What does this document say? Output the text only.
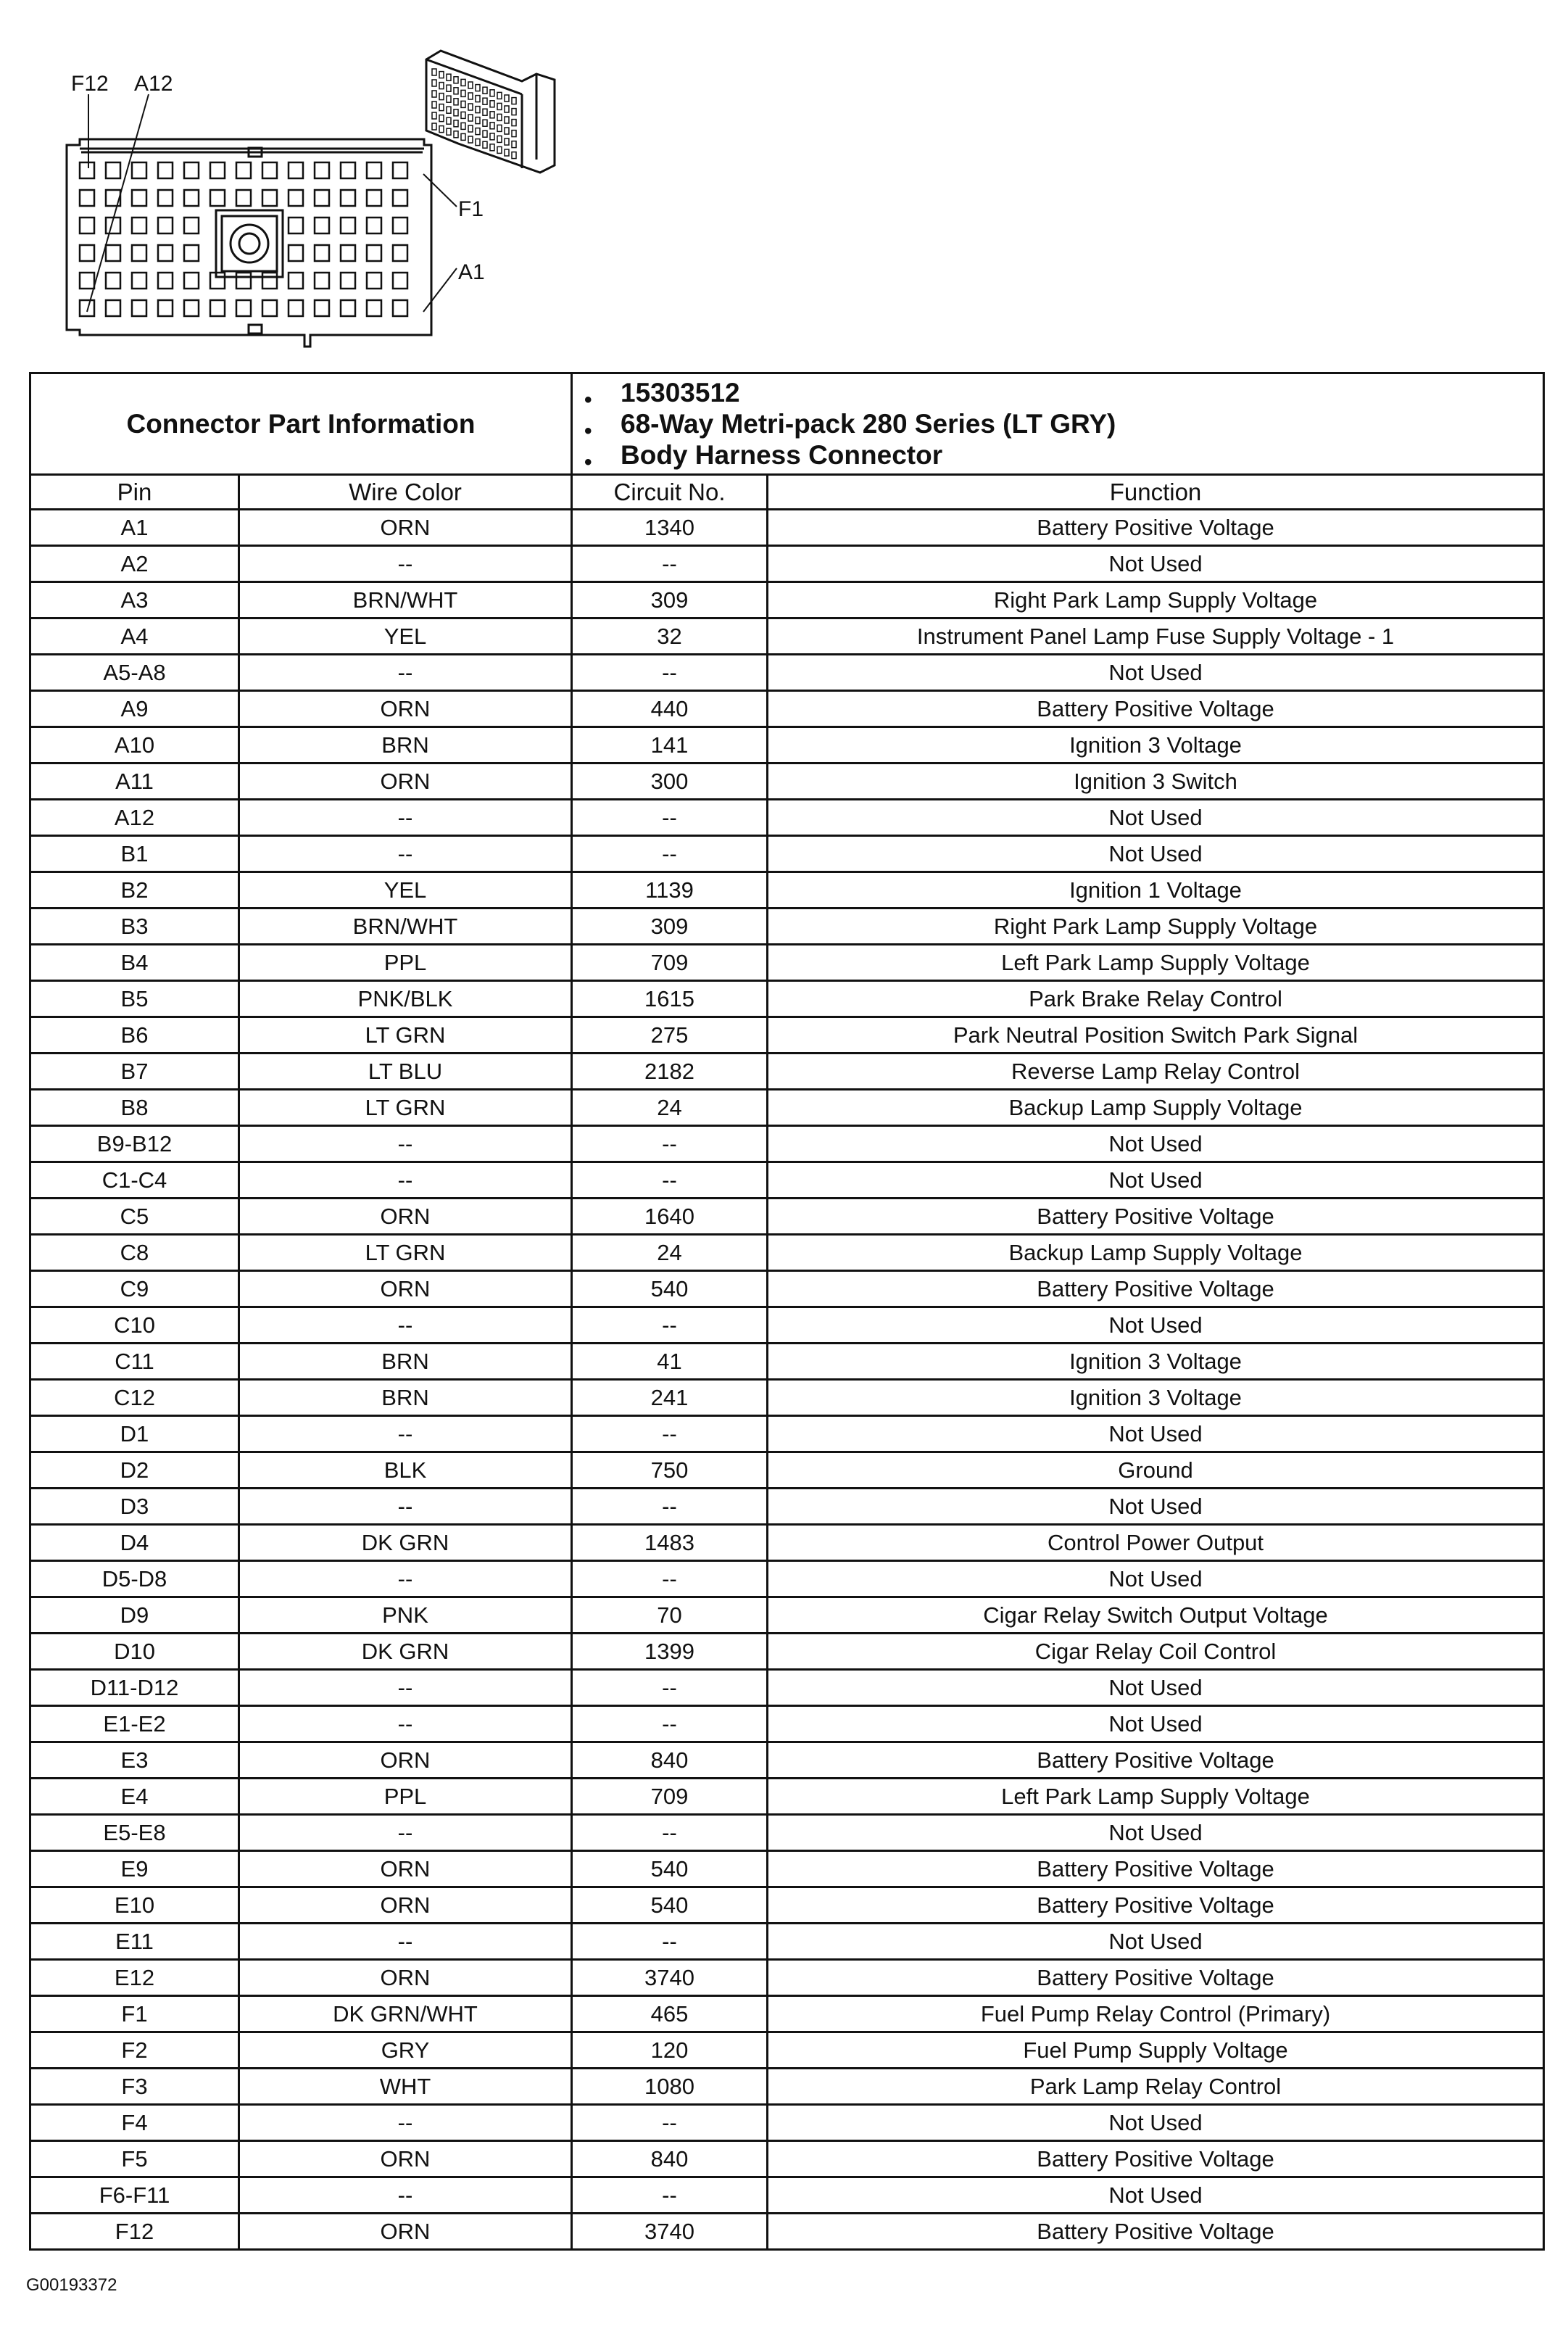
F12 A12
F1
A1
Connector Part Information		• 15303512
• 68-Way Metri-pack 280 Series (LT GRY)
• Body Harness Connector

Pin	Wire Color	Circuit No.	Function
A1	ORN	1340	Battery Positive Voltage
A2	--	--	Not Used
A3	BRN/WHT	309	Right Park Lamp Supply Voltage
A4	YEL	32	Instrument Panel Lamp Fuse Supply Voltage - 1
A5-A8	--	--	Not Used
A9	ORN	440	Battery Positive Voltage
A10	BRN	141	Ignition 3 Voltage
A11	ORN	300	Ignition 3 Switch
A12	--	--	Not Used
B1	--	--	Not Used
B2	YEL	1139	Ignition 1 Voltage
B3	BRN/WHT	309	Right Park Lamp Supply Voltage
B4	PPL	709	Left Park Lamp Supply Voltage
B5	PNK/BLK	1615	Park Brake Relay Control
B6	LT GRN	275	Park Neutral Position Switch Park Signal
B7	LT BLU	2182	Reverse Lamp Relay Control
B8	LT GRN	24	Backup Lamp Supply Voltage
B9-B12	--	--	Not Used
C1-C4	--	--	Not Used
C5	ORN	1640	Battery Positive Voltage
C8	LT GRN	24	Backup Lamp Supply Voltage
C9	ORN	540	Battery Positive Voltage
C10	--	--	Not Used
C11	BRN	41	Ignition 3 Voltage
C12	BRN	241	Ignition 3 Voltage
D1	--	--	Not Used
D2	BLK	750	Ground
D3	--	--	Not Used
D4	DK GRN	1483	Control Power Output
D5-D8	--	--	Not Used
D9	PNK	70	Cigar Relay Switch Output Voltage
D10	DK GRN	1399	Cigar Relay Coil Control
D11-D12	--	--	Not Used
E1-E2	--	--	Not Used
E3	ORN	840	Battery Positive Voltage
E4	PPL	709	Left Park Lamp Supply Voltage
E5-E8	--	--	Not Used
E9	ORN	540	Battery Positive Voltage
E10	ORN	540	Battery Positive Voltage
E11	--	--	Not Used
E12	ORN	3740	Battery Positive Voltage
F1	DK GRN/WHT	465	Fuel Pump Relay Control (Primary)
F2	GRY	120	Fuel Pump Supply Voltage
F3	WHT	1080	Park Lamp Relay Control
F4	--	--	Not Used
F5	ORN	840	Battery Positive Voltage
F6-F11	--	--	Not Used
F12	ORN	3740	Battery Positive Voltage
G00193372
